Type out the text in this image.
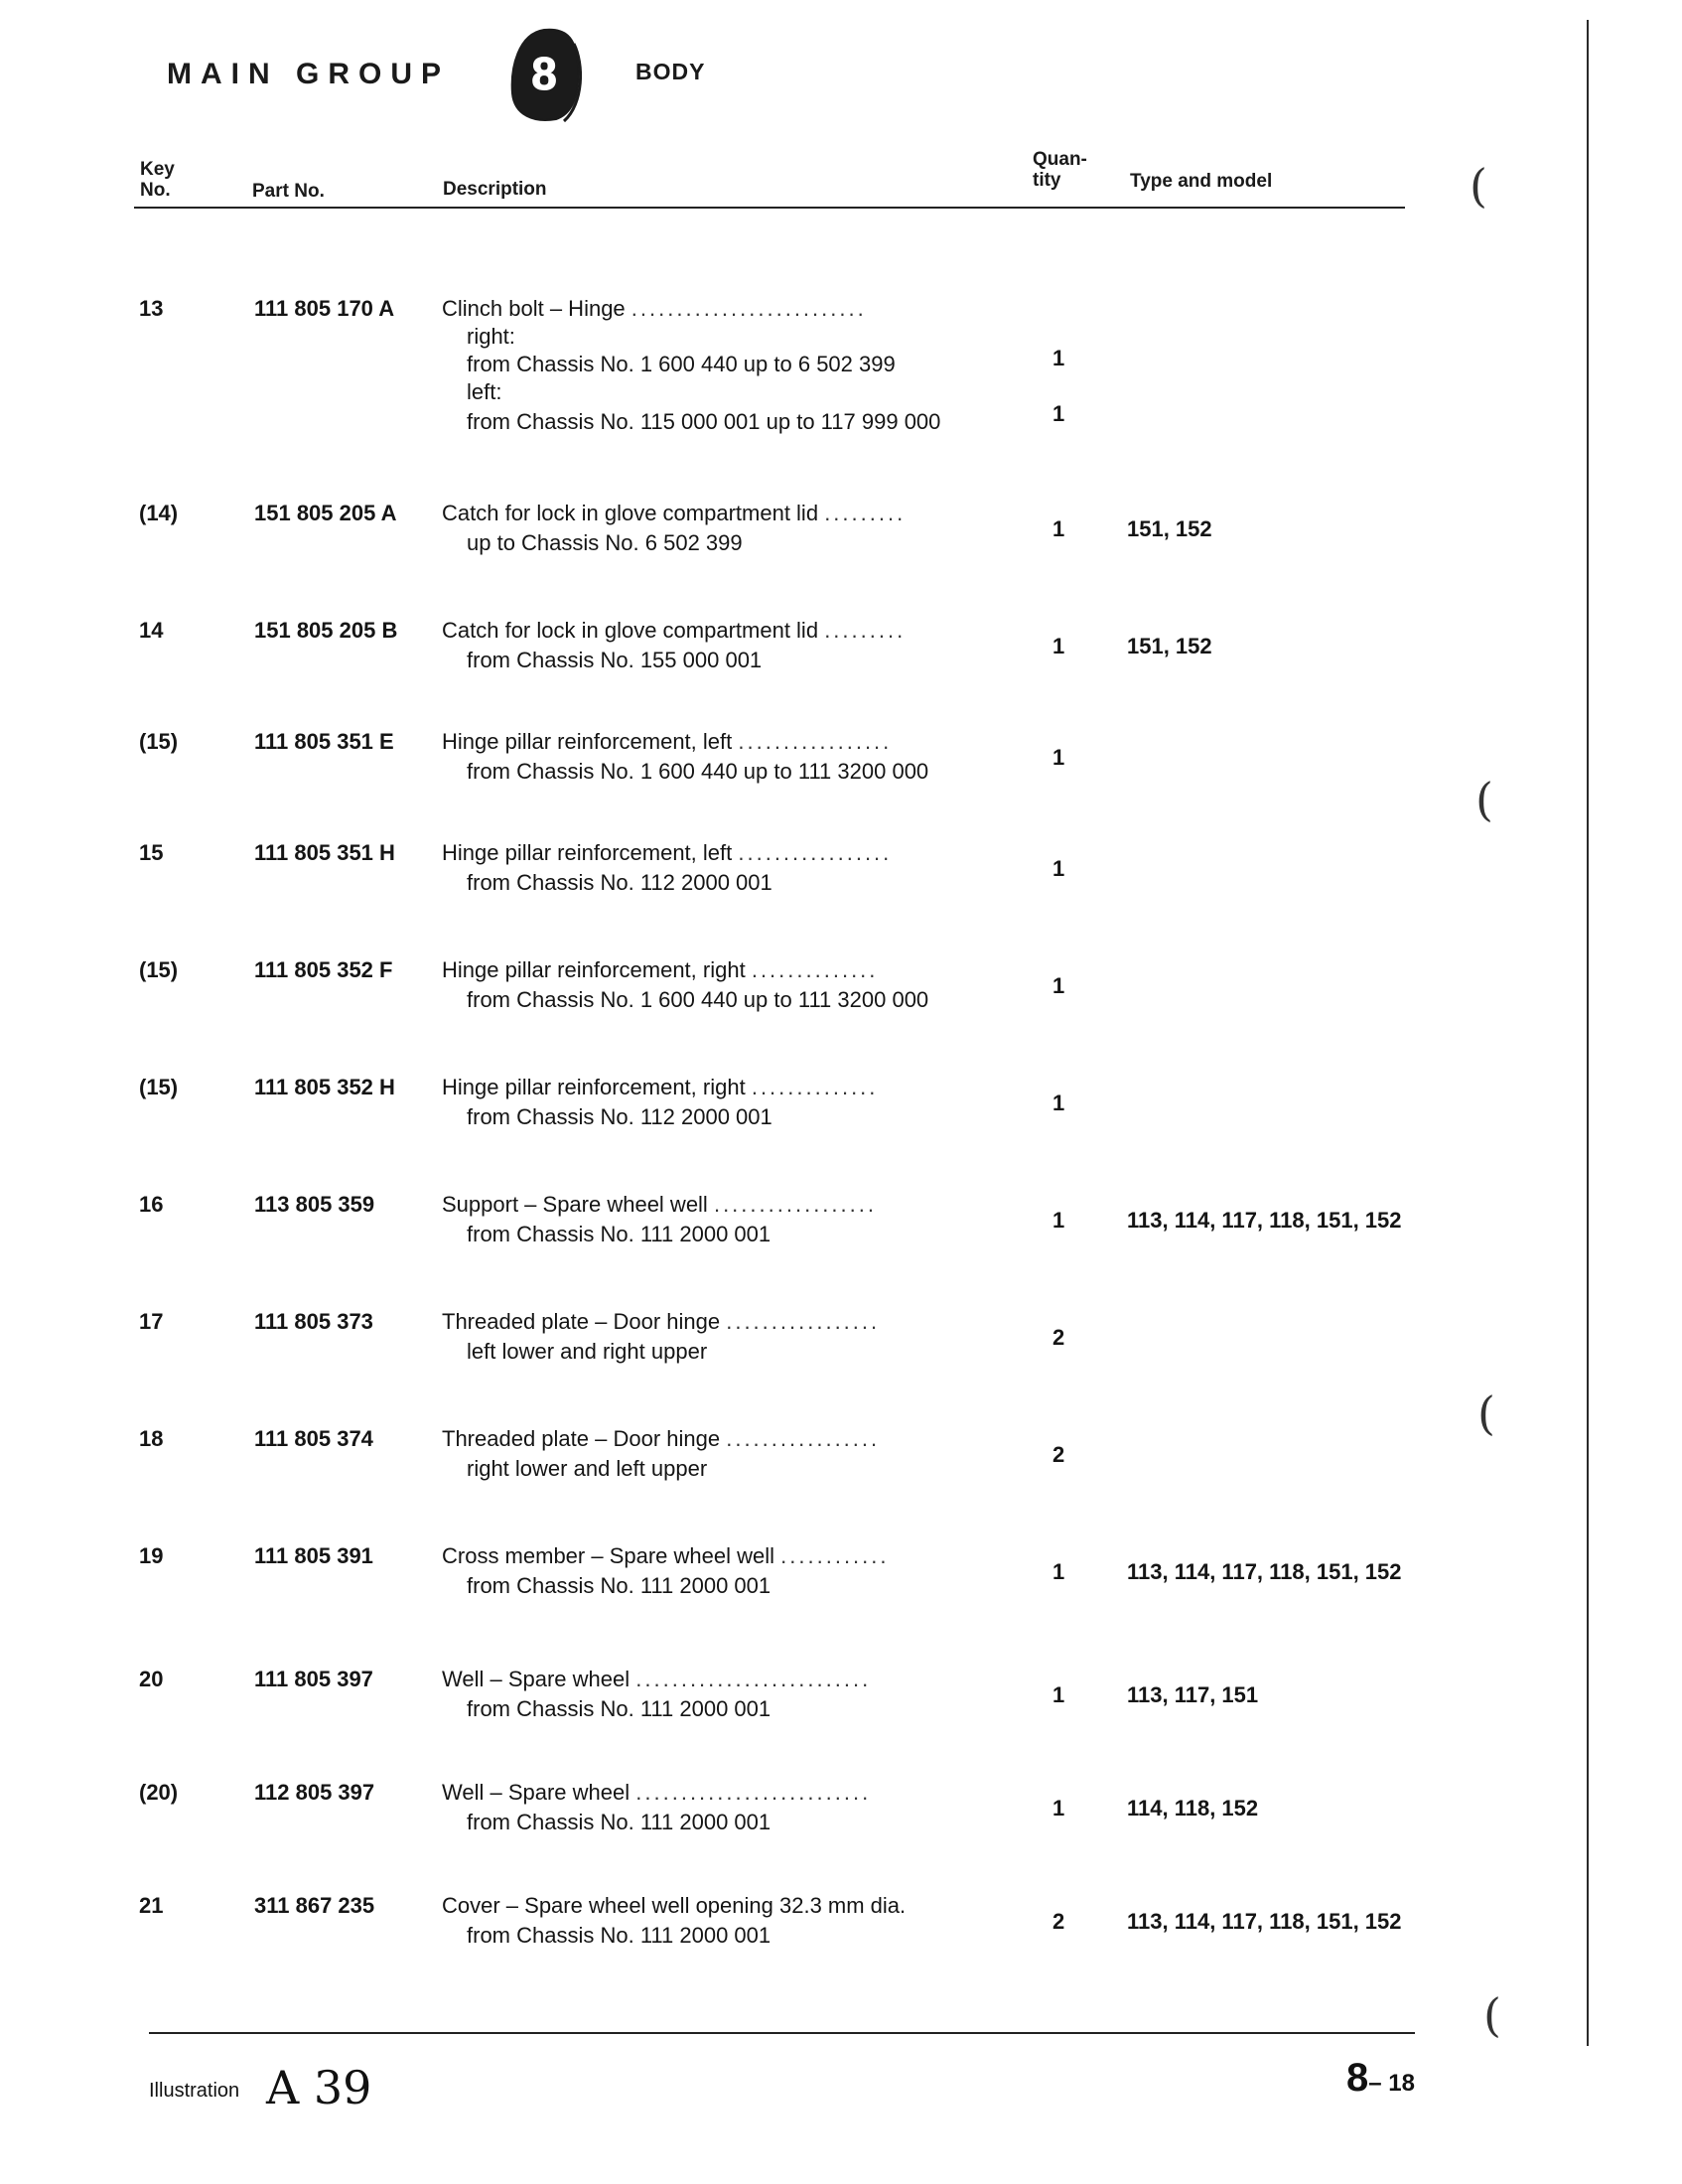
MAIN GROUP 8	BODY
Key
No.	Part No.	Description
Quan-
tity	Type and model
13	111 805 170 A Clinch bolt – Hinge ..........................
right:
from Chassis No. 1 600 440 up to 6 502 399
left:
from Chassis No. 115 000 001 up to 117 999 000
1
1
(14)	151 805 205 A Catch for lock in glove compartment lid .........
up to Chassis No. 6 502 399
1	151, 152
14	151 805 205 B Catch for lock in glove compartment lid .........
from Chassis No. 155 000 001
1	151, 152
(15)	111 805 351 E Hinge pillar reinforcement, left .................
from Chassis No. 1 600 440 up to 111 3200 000
1
15	111 805 351 H Hinge pillar reinforcement, left .................
from Chassis No. 112 2000 001
1
(15)	111 805 352 F Hinge pillar reinforcement, right ..............
from Chassis No. 1 600 440 up to 111 3200 000
1
(15)	111 805 352 H Hinge pillar reinforcement, right ..............
from Chassis No. 112 2000 001
1
16	113 805 359	Support – Spare wheel well ..................
from Chassis No. 111 2000 001
1	113, 114, 117, 118, 151, 152
17	111 805 373	Threaded plate – Door hinge .................
left lower and right upper
2
18	111 805 374	Threaded plate – Door hinge .................
right lower and left upper
2
19	111 805 391	Cross member – Spare wheel well ............
from Chassis No. 111 2000 001
1	113, 114, 117, 118, 151, 152
20	111 805 397	Well – Spare wheel ..........................
from Chassis No. 111 2000 001
1	113, 117, 151
(20)	112 805 397	Well – Spare wheel ..........................
from Chassis No. 111 2000 001
1	114, 118, 152
21	311 867 235	Cover – Spare wheel well opening 32.3 mm dia.
from Chassis No. 111 2000 001
2	113, 114, 117, 118, 151, 152
Illustration A 39	8– 18
(
(
(
(
